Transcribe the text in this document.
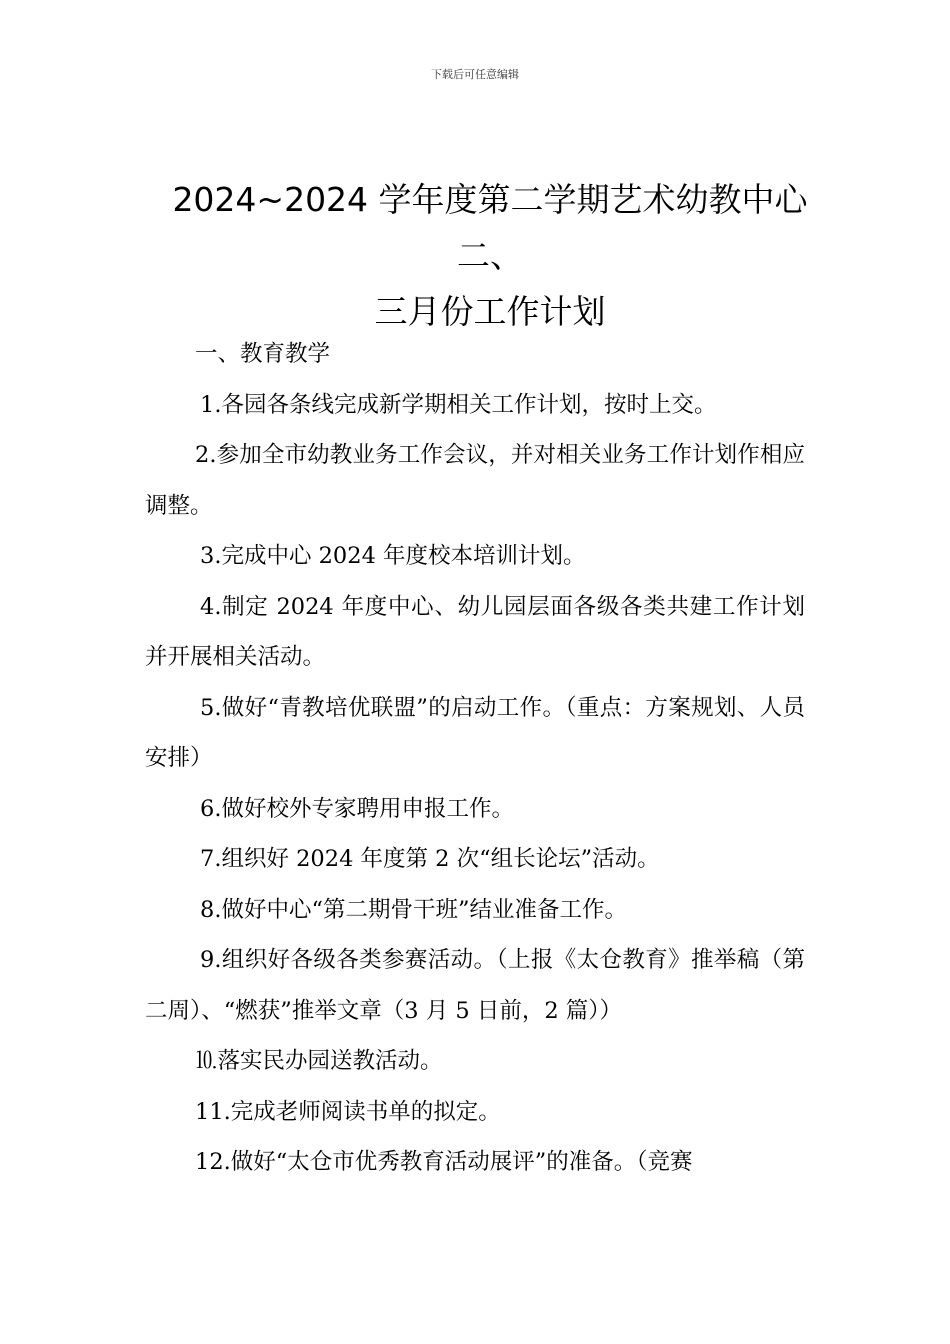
下载后可任意编辑
2024~2024 学年度第二学期艺术幼教中心二、
三月份工作计划

一、教育教学

1.各园各条线完成新学期相关工作计划，按时上交。

2.参加全市幼教业务工作会议，并对相关业务工作计划作相应调整。

3.完成中心 2024 年度校本培训计划。

4.制定 2024 年度中心、幼儿园层面各级各类共建工作计划并开展相关活动。

5.做好“青教培优联盟”的启动工作。（重点：方案规划、人员安排）

6.做好校外专家聘用申报工作。

7.组织好 2024 年度第 2 次“组长论坛”活动。

8.做好中心“第二期骨干班”结业准备工作。

9.组织好各级各类参赛活动。（上报《太仓教育》推举稿（第二周）、“燃获”推举文章（3 月 5 日前，2 篇））

⒑落实民办园送教活动。

11.完成老师阅读书单的拟定。

12.做好“太仓市优秀教育活动展评”的准备。（竞赛
